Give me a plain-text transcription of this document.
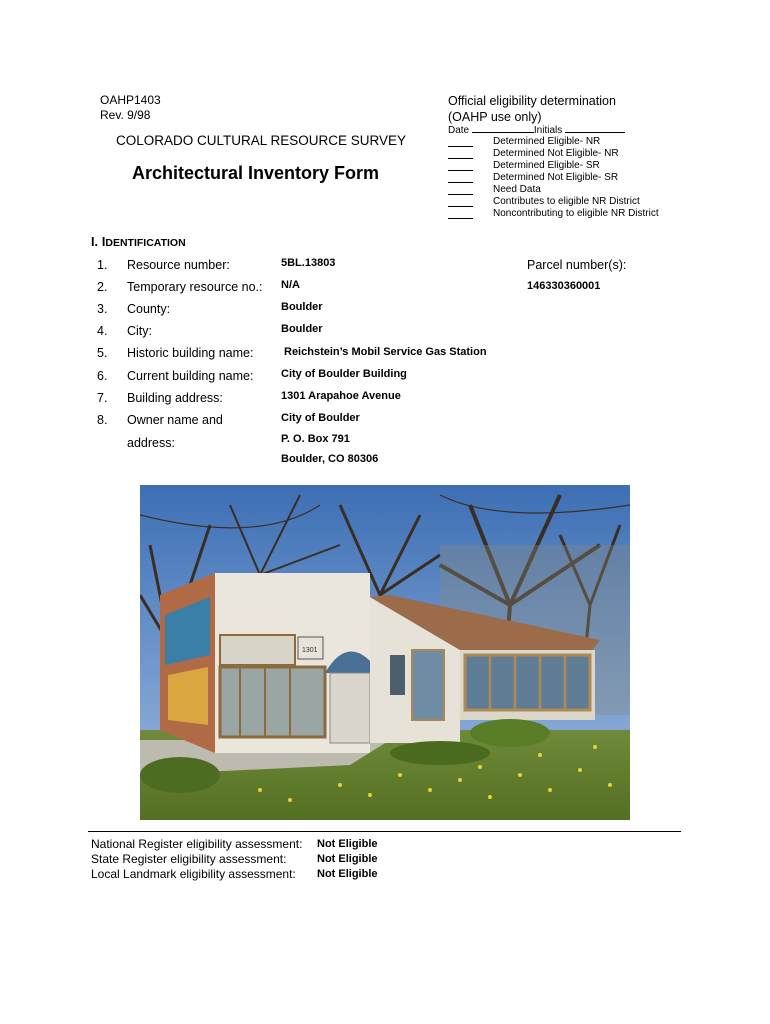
OAHP1403
Rev. 9/98
COLORADO CULTURAL RESOURCE SURVEY
Architectural Inventory Form
Official eligibility determination
(OAHP use only)
Date	Initials
Determined Eligible- NR
Determined Not Eligible- NR
Determined Eligible- SR
Determined Not Eligible- SR
Need Data
Contributes to eligible NR District
Noncontributing to eligible NR District
I. IDENTIFICATION
1. Resource number:	5BL.13803
2. Temporary resource no.: N/A
3. County:	Boulder
4. City:	Boulder
5. Historic building name:	Reichstein’s Mobil Service Gas Station
6. Current building name:	City of Boulder Building
7. Building address:	1301 Arapahoe Avenue
8. Owner name and	City of Boulder
address:	P. O. Box 791
Boulder, CO 80306
Parcel number(s):
146330360001
1301
National Register eligibility assessment: Not Eligible
State Register eligibility assessment:	Not Eligible
Local Landmark eligibility assessment: Not Eligible
